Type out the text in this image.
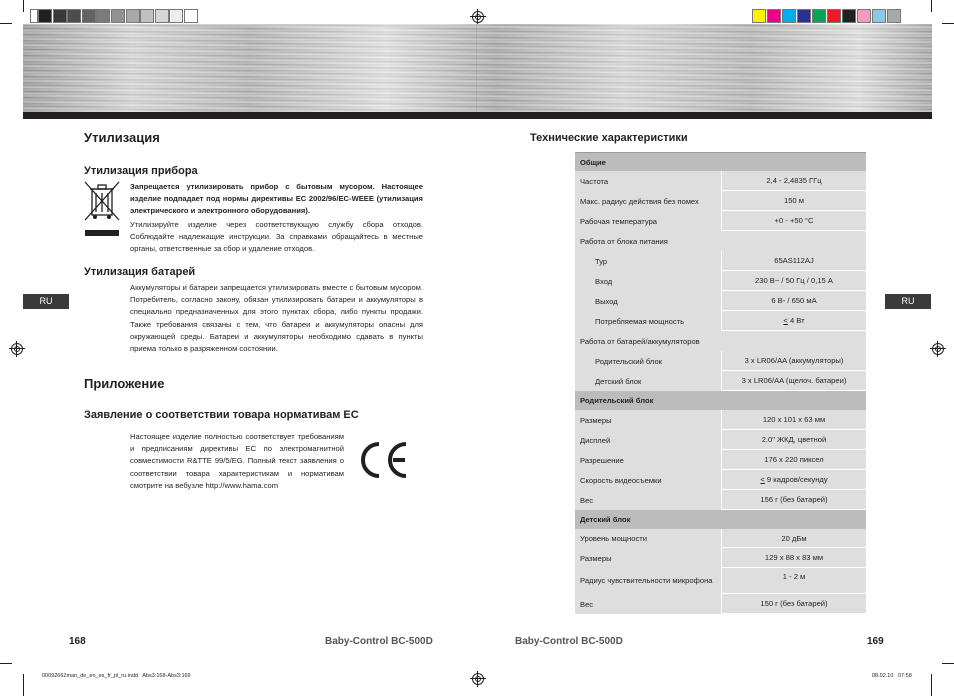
Утилизация
Утилизация прибора
Запрещается утилизировать прибор с бытовым мусором. Настоящее изделие подпадает под нормы директивы ЕС 2002/96/ЕС-WEEE (утилизация электрического и электронного оборудования).
Утилизируйте изделие через соответствующую службу сбора отходов. Соблюдайте надлежащие инструкции. За справками обращайтесь в местные органы, ответственные за сбор и удаление отходов.
Утилизация батарей
Аккумуляторы и батареи запрещается утилизировать вместе с бытовым мусором. Потребитель, согласно закону, обязан утилизировать батареи и аккумуляторы в специально предназначенных для этого пунктах сбора, либо пункты продажи. Также требования связаны с тем, что батареи и аккумуляторы опасны для окружающей среды. Батареи и аккумуляторы необходимо сдавать в пункты приема только в разряженном состоянии.
RU
Приложение
Заявление о соответствии товара нормативам ЕС
Настоящее изделие полностью соответствует требованиям и предписаниям директивы ЕС по электромагнитной совместимости R&TTE 99/5/EG. Полный текст заявления о соответствии товара характеристикам и нормативам смотрите на вебузле http://www.hama.com
168	Baby-Control BC-500D
Технические характеристики
RU
Общие
Частота	2,4 - 2,4835 ГГц
Макс. радиус действия без помех	150 м
Рабочая температура	+0 - +50 °C
Работа от блока питания
Тур	65AS112AJ
Вход	230 В~ / 50 Гц / 0,15 А
Выход	6 В- / 650 мА
Потребляемая мощность	≤ 4 Вт
Работа от батарей/аккумуляторов
Родительский блок	3 x LR06/AA (аккумуляторы)
Детский блок	3 x LR06/AA (щелоч. батареи)
Родительский блок
Размеры	120 x 101 x 63 мм
Дисплей	2.0" ЖКД, цветной
Разрешение	176 x 220 пиксел
Скорость видеосъемки	≤ 9 кадров/секунду
Вес	156 г (без батарей)
Детский блок
Уровень мощности	20 дБм
Размеры	129 x 88 x 83 мм
Радиус чувствительности микрофона	1 - 2 м
Вес	150 г (без батарей)
Baby-Control BC-500D	169
00092662man_de_en_es_fr_pl_ru.indd   Abs3:168-Abs3:169	08.02.10   07:58
